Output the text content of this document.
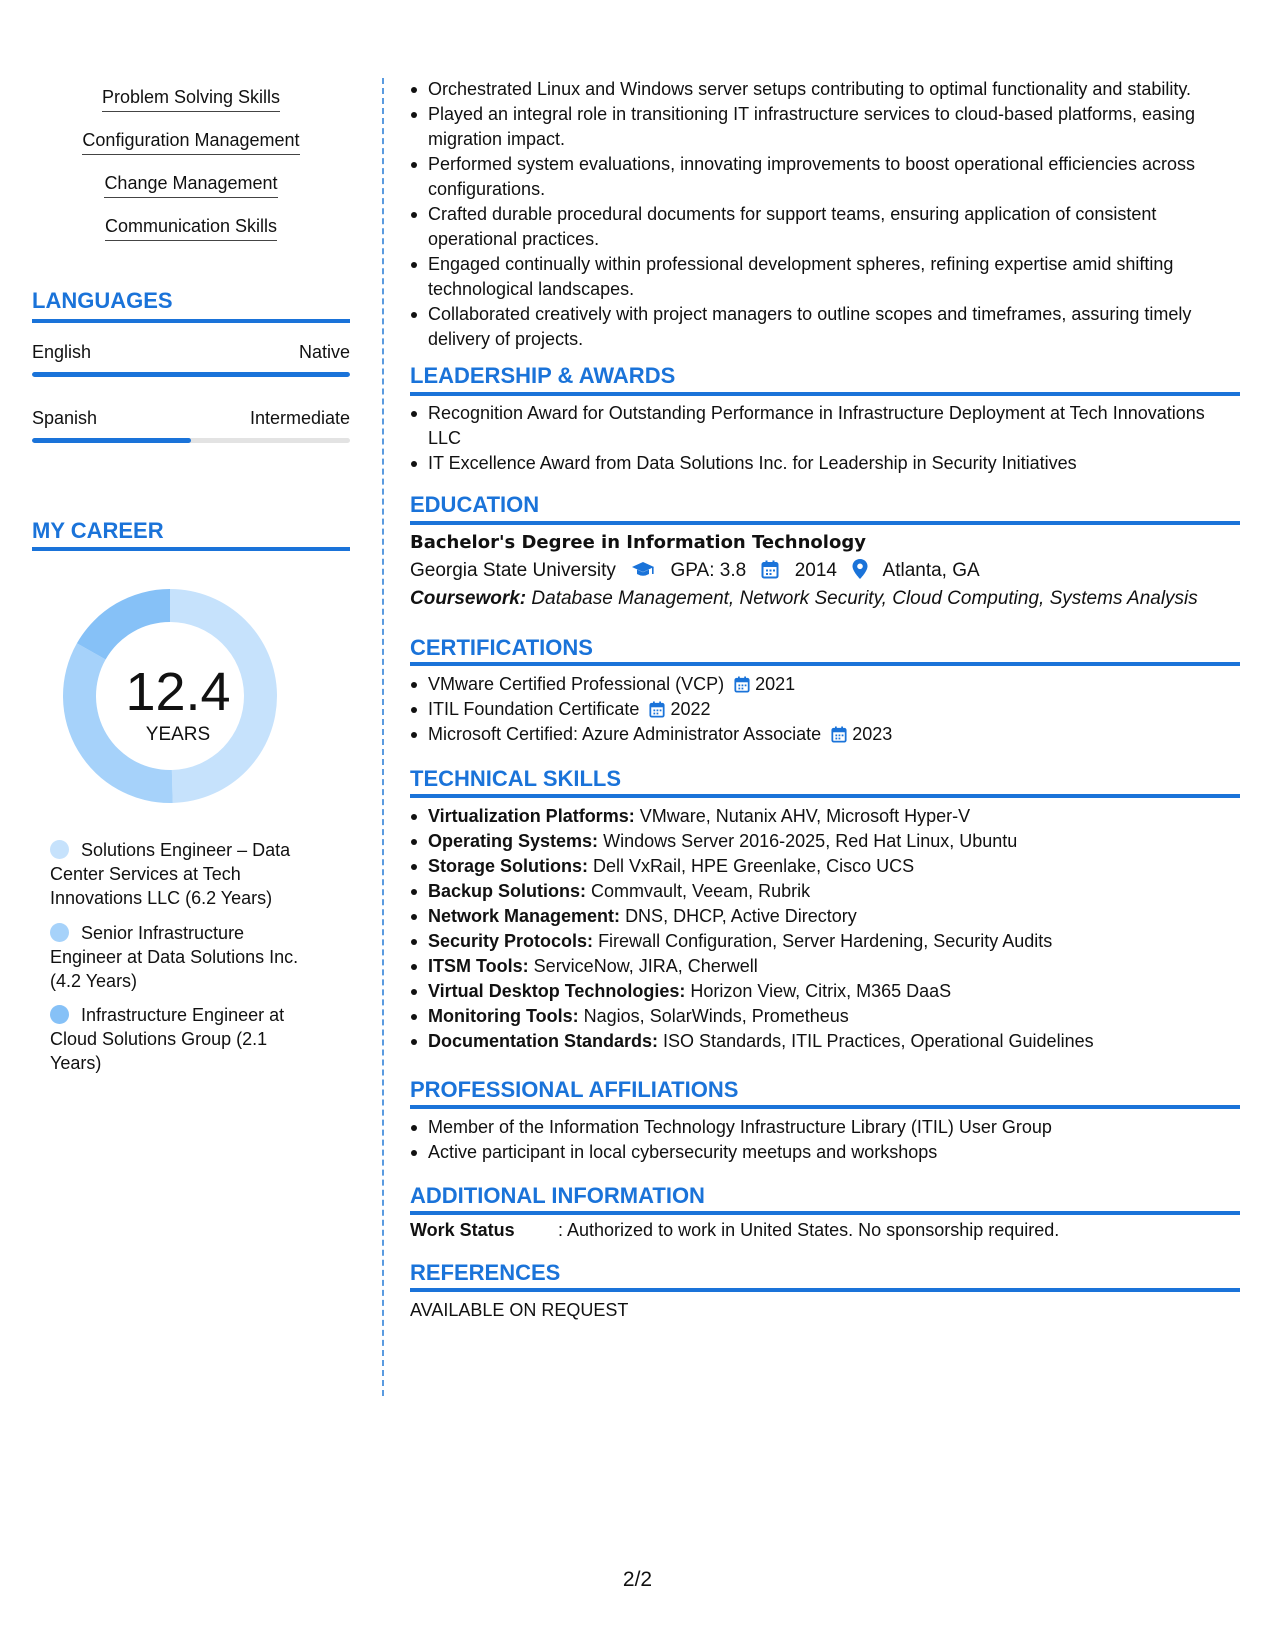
Problem Solving Skills
Configuration Management
Change Management
Communication Skills
LANGUAGES
English	Native
Spanish	Intermediate
MY CAREER
12.4
YEARS
Solutions Engineer – Data Center Services at Tech Innovations LLC (6.2 Years)
Senior Infrastructure Engineer at Data Solutions Inc. (4.2 Years)
Infrastructure Engineer at Cloud Solutions Group (2.1 Years)
Orchestrated Linux and Windows server setups contributing to optimal functionality and stability.
Played an integral role in transitioning IT infrastructure services to cloud-based platforms, easing migration impact.
Performed system evaluations, innovating improvements to boost operational efficiencies across configurations.
Crafted durable procedural documents for support teams, ensuring application of consistent operational practices.
Engaged continually within professional development spheres, refining expertise amid shifting technological landscapes.
Collaborated creatively with project managers to outline scopes and timeframes, assuring timely delivery of projects.
LEADERSHIP & AWARDS
Recognition Award for Outstanding Performance in Infrastructure Deployment at Tech Innovations LLC
IT Excellence Award from Data Solutions Inc. for Leadership in Security Initiatives
EDUCATION
Bachelor's Degree in Information Technology
Georgia State University	GPA: 3.8	2014 Atlanta, GA
Coursework: Database Management, Network Security, Cloud Computing, Systems Analysis
CERTIFICATIONS
VMware Certified Professional (VCP) 2021
ITIL Foundation Certificate 2022
Microsoft Certified: Azure Administrator Associate 2023
TECHNICAL SKILLS
Virtualization Platforms: VMware, Nutanix AHV, Microsoft Hyper-V
Operating Systems: Windows Server 2016-2025, Red Hat Linux, Ubuntu
Storage Solutions: Dell VxRail, HPE Greenlake, Cisco UCS
Backup Solutions: Commvault, Veeam, Rubrik
Network Management: DNS, DHCP, Active Directory
Security Protocols: Firewall Configuration, Server Hardening, Security Audits
ITSM Tools: ServiceNow, JIRA, Cherwell
Virtual Desktop Technologies: Horizon View, Citrix, M365 DaaS
Monitoring Tools: Nagios, SolarWinds, Prometheus
Documentation Standards: ISO Standards, ITIL Practices, Operational Guidelines
PROFESSIONAL AFFILIATIONS
Member of the Information Technology Infrastructure Library (ITIL) User Group
Active participant in local cybersecurity meetups and workshops
ADDITIONAL INFORMATION
Work Status : Authorized to work in United States. No sponsorship required.
REFERENCES
AVAILABLE ON REQUEST
2/2
